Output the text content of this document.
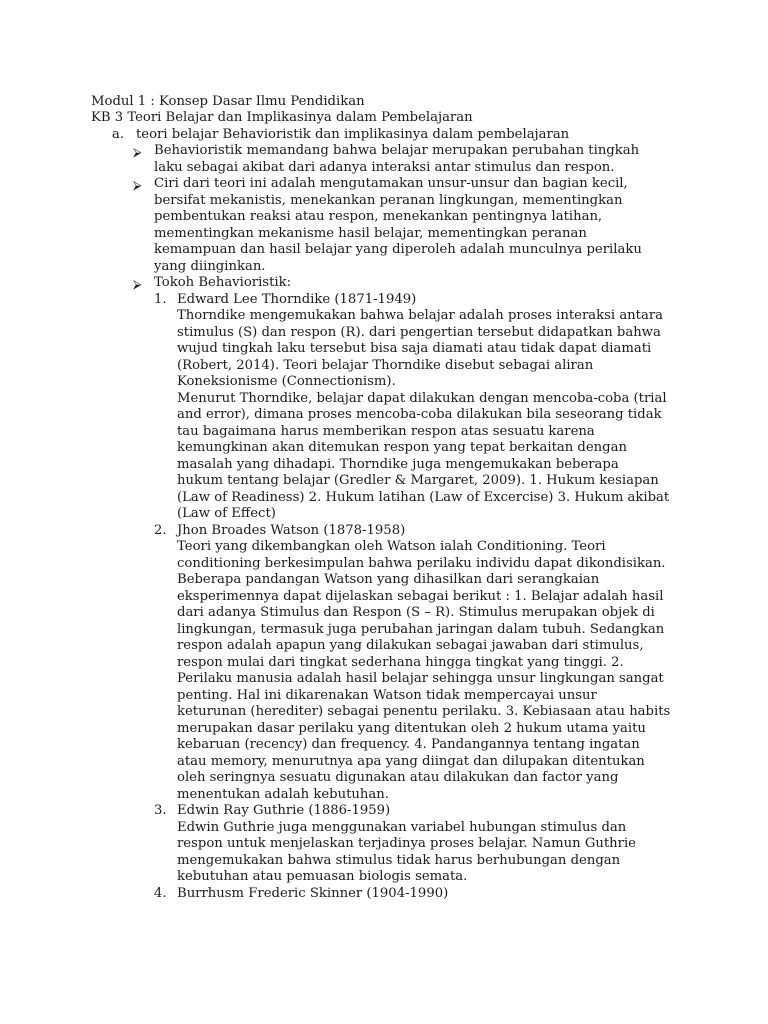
Modul 1 : Konsep Dasar Ilmu Pendidikan
KB 3 Teori Belajar dan Implikasinya dalam Pembelajaran
a. teori belajar Behavioristik dan implikasinya dalam pembelajaran
⮚ Behavioristik memandang bahwa belajar merupakan perubahan tingkah
laku sebagai akibat dari adanya interaksi antar stimulus dan respon.
⮚ Ciri dari teori ini adalah mengutamakan unsur-unsur dan bagian kecil,
bersifat mekanistis, menekankan peranan lingkungan, mementingkan
pembentukan reaksi atau respon, menekankan pentingnya latihan,
mementingkan mekanisme hasil belajar, mementingkan peranan
kemampuan dan hasil belajar yang diperoleh adalah munculnya perilaku
yang diinginkan.
⮚ Tokoh Behavioristik:
1. Edward Lee Thorndike (1871-1949)
Thorndike mengemukakan bahwa belajar adalah proses interaksi antara
stimulus (S) dan respon (R). dari pengertian tersebut didapatkan bahwa
wujud tingkah laku tersebut bisa saja diamati atau tidak dapat diamati
(Robert, 2014). Teori belajar Thorndike disebut sebagai aliran
Koneksionisme (Connectionism).
Menurut Thorndike, belajar dapat dilakukan dengan mencoba-coba (trial
and error), dimana proses mencoba-coba dilakukan bila seseorang tidak
tau bagaimana harus memberikan respon atas sesuatu karena
kemungkinan akan ditemukan respon yang tepat berkaitan dengan
masalah yang dihadapi. Thorndike juga mengemukakan beberapa
hukum tentang belajar (Gredler & Margaret, 2009). 1. Hukum kesiapan
(Law of Readiness) 2. Hukum latihan (Law of Excercise) 3. Hukum akibat
(Law of Effect)
2. Jhon Broades Watson (1878-1958)
Teori yang dikembangkan oleh Watson ialah Conditioning. Teori
conditioning berkesimpulan bahwa perilaku individu dapat dikondisikan.
Beberapa pandangan Watson yang dihasilkan dari serangkaian
eksperimennya dapat dijelaskan sebagai berikut : 1. Belajar adalah hasil
dari adanya Stimulus dan Respon (S – R). Stimulus merupakan objek di
lingkungan, termasuk juga perubahan jaringan dalam tubuh. Sedangkan
respon adalah apapun yang dilakukan sebagai jawaban dari stimulus,
respon mulai dari tingkat sederhana hingga tingkat yang tinggi. 2.
Perilaku manusia adalah hasil belajar sehingga unsur lingkungan sangat
penting. Hal ini dikarenakan Watson tidak mempercayai unsur
keturunan (herediter) sebagai penentu perilaku. 3. Kebiasaan atau habits
merupakan dasar perilaku yang ditentukan oleh 2 hukum utama yaitu
kebaruan (recency) dan frequency. 4. Pandangannya tentang ingatan
atau memory, menurutnya apa yang diingat dan dilupakan ditentukan
oleh seringnya sesuatu digunakan atau dilakukan dan factor yang
menentukan adalah kebutuhan.
3. Edwin Ray Guthrie (1886-1959)
Edwin Guthrie juga menggunakan variabel hubungan stimulus dan
respon untuk menjelaskan terjadinya proses belajar. Namun Guthrie
mengemukakan bahwa stimulus tidak harus berhubungan dengan
kebutuhan atau pemuasan biologis semata.
4. Burrhusm Frederic Skinner (1904-1990)
